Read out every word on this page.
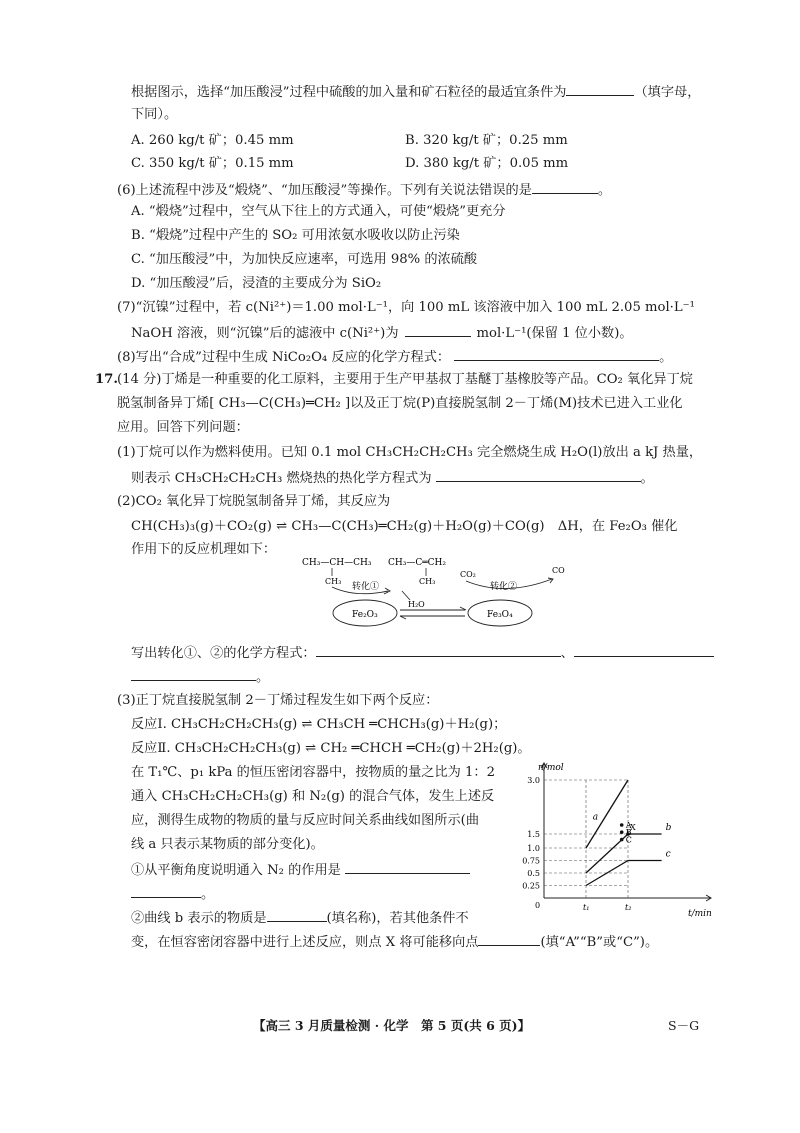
根据图示，选择“加压酸浸”过程中硫酸的加入量和矿石粒径的最适宜条件为	（填字母，
下同）。
A. 260 kg/t 矿；0.45 mm	B. 320 kg/t 矿；0.25 mm
C. 350 kg/t 矿；0.15 mm	D. 380 kg/t 矿；0.05 mm
(6)上述流程中涉及“煅烧”、“加压酸浸”等操作。下列有关说法错误的是	。
A. “煅烧”过程中，空气从下往上的方式通入，可使“煅烧”更充分
B. “煅烧”过程中产生的 SO₂ 可用浓氨水吸收以防止污染
C. “加压酸浸”中，为加快反应速率，可选用 98% 的浓硫酸
D. “加压酸浸”后，浸渣的主要成分为 SiO₂
(7)“沉镍”过程中，若 c(Ni²⁺)＝1.00 mol·L⁻¹，向 100 mL 该溶液中加入 100 mL 2.05 mol·L⁻¹
NaOH 溶液，则“沉镍”后的滤液中 c(Ni²⁺)为	mol·L⁻¹(保留 1 位小数)。
(8)写出“合成”过程中生成 NiCo₂O₄ 反应的化学方程式：	。
17. (14 分)丁烯是一种重要的化工原料，主要用于生产甲基叔丁基醚丁基橡胶等产品。CO₂ 氧化异丁烷
脱氢制备异丁烯[ CH₃—C(CH₃)═CH₂ ]以及正丁烷(P)直接脱氢制 2－丁烯(M)技术已进入工业化
应用。回答下列问题：
(1)丁烷可以作为燃料使用。已知 0.1 mol CH₃CH₂CH₂CH₃ 完全燃烧生成 H₂O(l)放出 a kJ 热量，
则表示 CH₃CH₂CH₂CH₃ 燃烧热的热化学方程式为	。
(2)CO₂ 氧化异丁烷脱氢制备异丁烯，其反应为
CH(CH₃)₃(g)＋CO₂(g) ⇌ CH₃—C(CH₃)═CH₂(g)＋H₂O(g)＋CO(g)　ΔH，在 Fe₂O₃ 催化
作用下的反应机理如下：
CH₃—CH—CH₃
CH₃
CH₃—C═CH₂
CH₃
转化①
H₂O
CO₂	CO
转化②
Fe₂O₃	Fe₃O₄
写出转化①、②的化学方程式：	、
。
(3)正丁烷直接脱氢制 2－丁烯过程发生如下两个反应：
反应Ⅰ. CH₃CH₂CH₂CH₃(g) ⇌ CH₃CH ═CHCH₃(g)＋H₂(g)；
反应Ⅱ. CH₃CH₂CH₂CH₃(g) ⇌ CH₂ ═CHCH ═CH₂(g)＋2H₂(g)。
在 T₁℃、p₁ kPa 的恒压密闭容器中，按物质的量之比为 1：2
通入 CH₃CH₂CH₂CH₃(g) 和 N₂(g) 的混合气体，发生上述反
应，测得生成物的物质的量与反应时间关系曲线如图所示(曲
线 a 只表示某物质的部分变化)。
①从平衡角度说明通入 N₂ 的作用是
。
②曲线 b 表示的物质是	(填名称)，若其他条件不
变，在恒容密闭容器中进行上述反应，则点 X 将可能移向点	(填“A”“B”或“C”)。
n/mol
t/min
0
0.25
0.5
0.75
1.0
1.5
3.0
t₁	t₂
a
b
c
X
A
B
C
【高三 3 月质量检测 · 化学　第 5 页(共 6 页)】	S－G
